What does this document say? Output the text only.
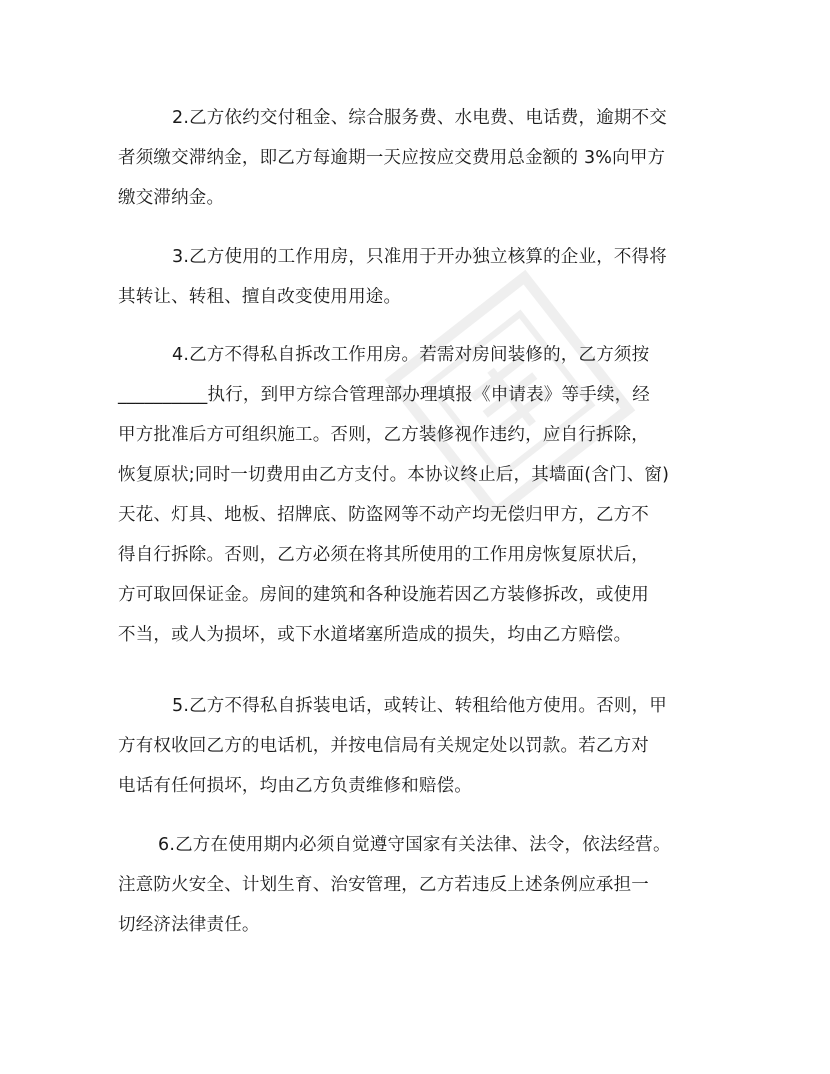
2.乙方依约交付租金、综合服务费、水电费、电话费，逾期不交
者须缴交滞纳金，即乙方每逾期一天应按应交费用总金额的 3%向甲方
缴交滞纳金。
3.乙方使用的工作用房，只准用于开办独立核算的企业，不得将
其转让、转租、擅自改变使用用途。
4.乙方不得私自拆改工作用房。若需对房间装修的，乙方须按
__________执行，到甲方综合管理部办理填报《申请表》等手续，经
甲方批准后方可组织施工。否则，乙方装修视作违约，应自行拆除，
恢复原状;同时一切费用由乙方支付。本协议终止后，其墙面(含门、窗)
天花、灯具、地板、招牌底、防盗网等不动产均无偿归甲方，乙方不
得自行拆除。否则，乙方必须在将其所使用的工作用房恢复原状后，
方可取回保证金。房间的建筑和各种设施若因乙方装修拆改，或使用
不当，或人为损坏，或下水道堵塞所造成的损失，均由乙方赔偿。
5.乙方不得私自拆装电话，或转让、转租给他方使用。否则，甲
方有权收回乙方的电话机，并按电信局有关规定处以罚款。若乙方对
电话有任何损坏，均由乙方负责维修和赔偿。
6.乙方在使用期内必须自觉遵守国家有关法律、法令，依法经营。
注意防火安全、计划生育、治安管理，乙方若违反上述条例应承担一
切经济法律责任。
